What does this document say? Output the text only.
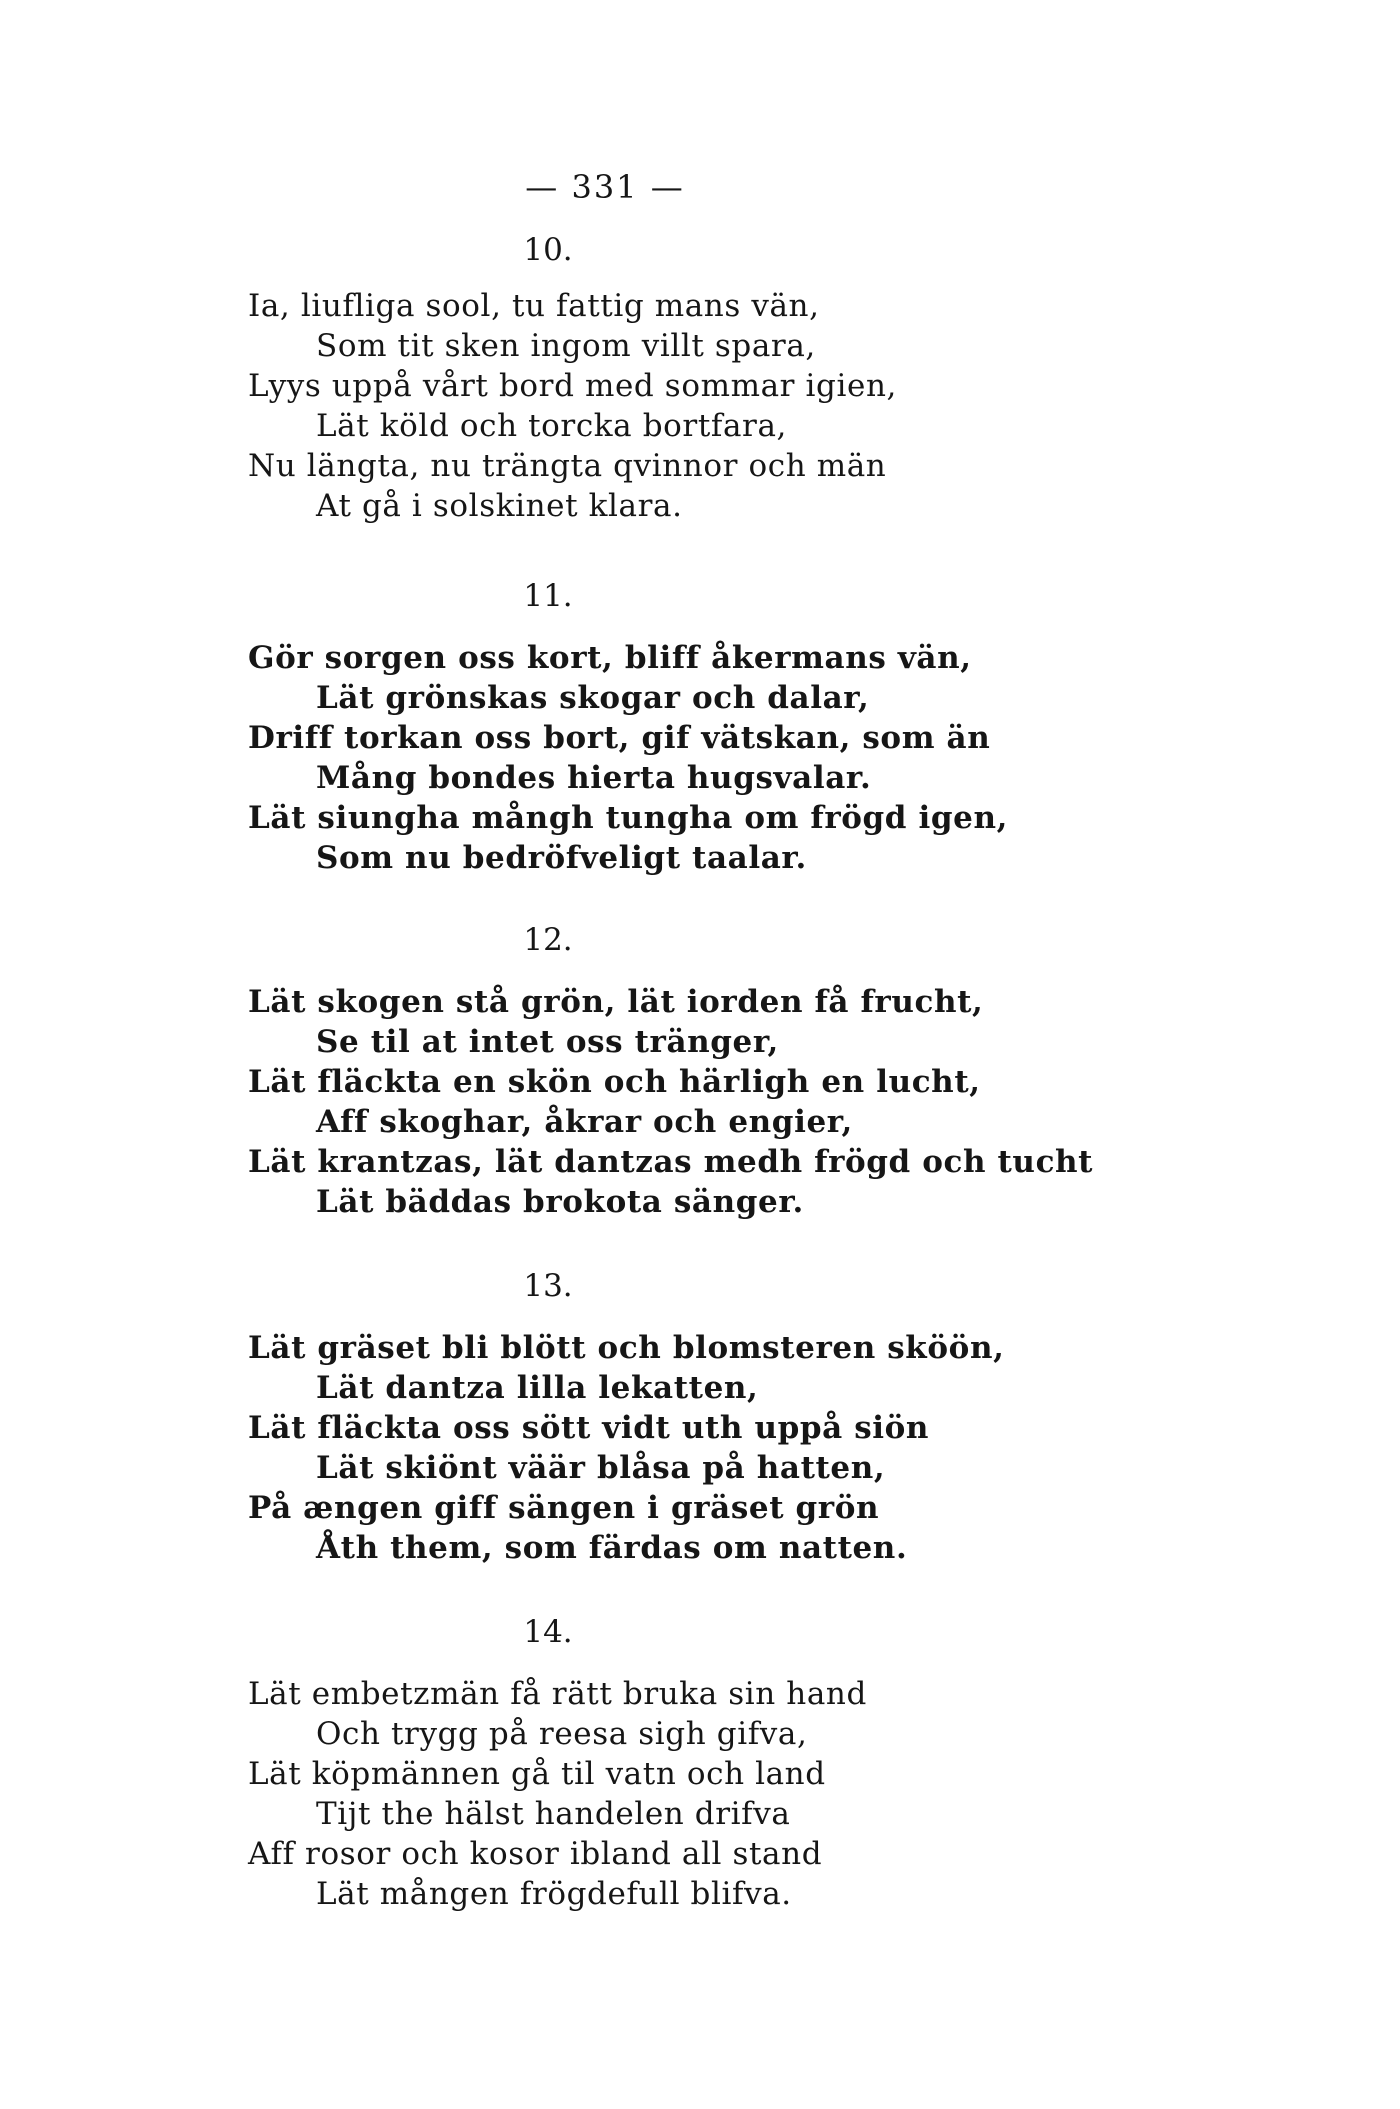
— 331 —
10.
Ia, liufliga sool, tu fattig mans vän,
Som tit sken ingom villt spara,
Lyys uppå vårt bord med sommar igien,
Lät köld och torcka bortfara,
Nu längta, nu trängta qvinnor och män
At gå i solskinet klara.
11.
Gör sorgen oss kort, bliff åkermans vän,
Lät grönskas skogar och dalar,
Driff torkan oss bort, gif vätskan, som än
Mång bondes hierta hugsvalar.
Lät siungha mångh tungha om frögd igen,
Som nu bedröfveligt taalar.
12.
Lät skogen stå grön, lät iorden få frucht,
Se til at intet oss tränger,
Lät fläckta en skön och härligh en lucht,
Aff skoghar, åkrar och engier,
Lät krantzas, lät dantzas medh frögd och tucht
Lät bäddas brokota sänger.
13.
Lät gräset bli blött och blomsteren sköön,
Lät dantza lilla lekatten,
Lät fläckta oss sött vidt uth uppå siön
Lät skiönt väär blåsa på hatten,
På ængen giff sängen i gräset grön
Åth them, som färdas om natten.
14.
Lät embetzmän få rätt bruka sin hand
Och trygg på reesa sigh gifva,
Lät köpmännen gå til vatn och land
Tijt the hälst handelen drifva
Aff rosor och kosor ibland all stand
Lät mången frögdefull blifva.
